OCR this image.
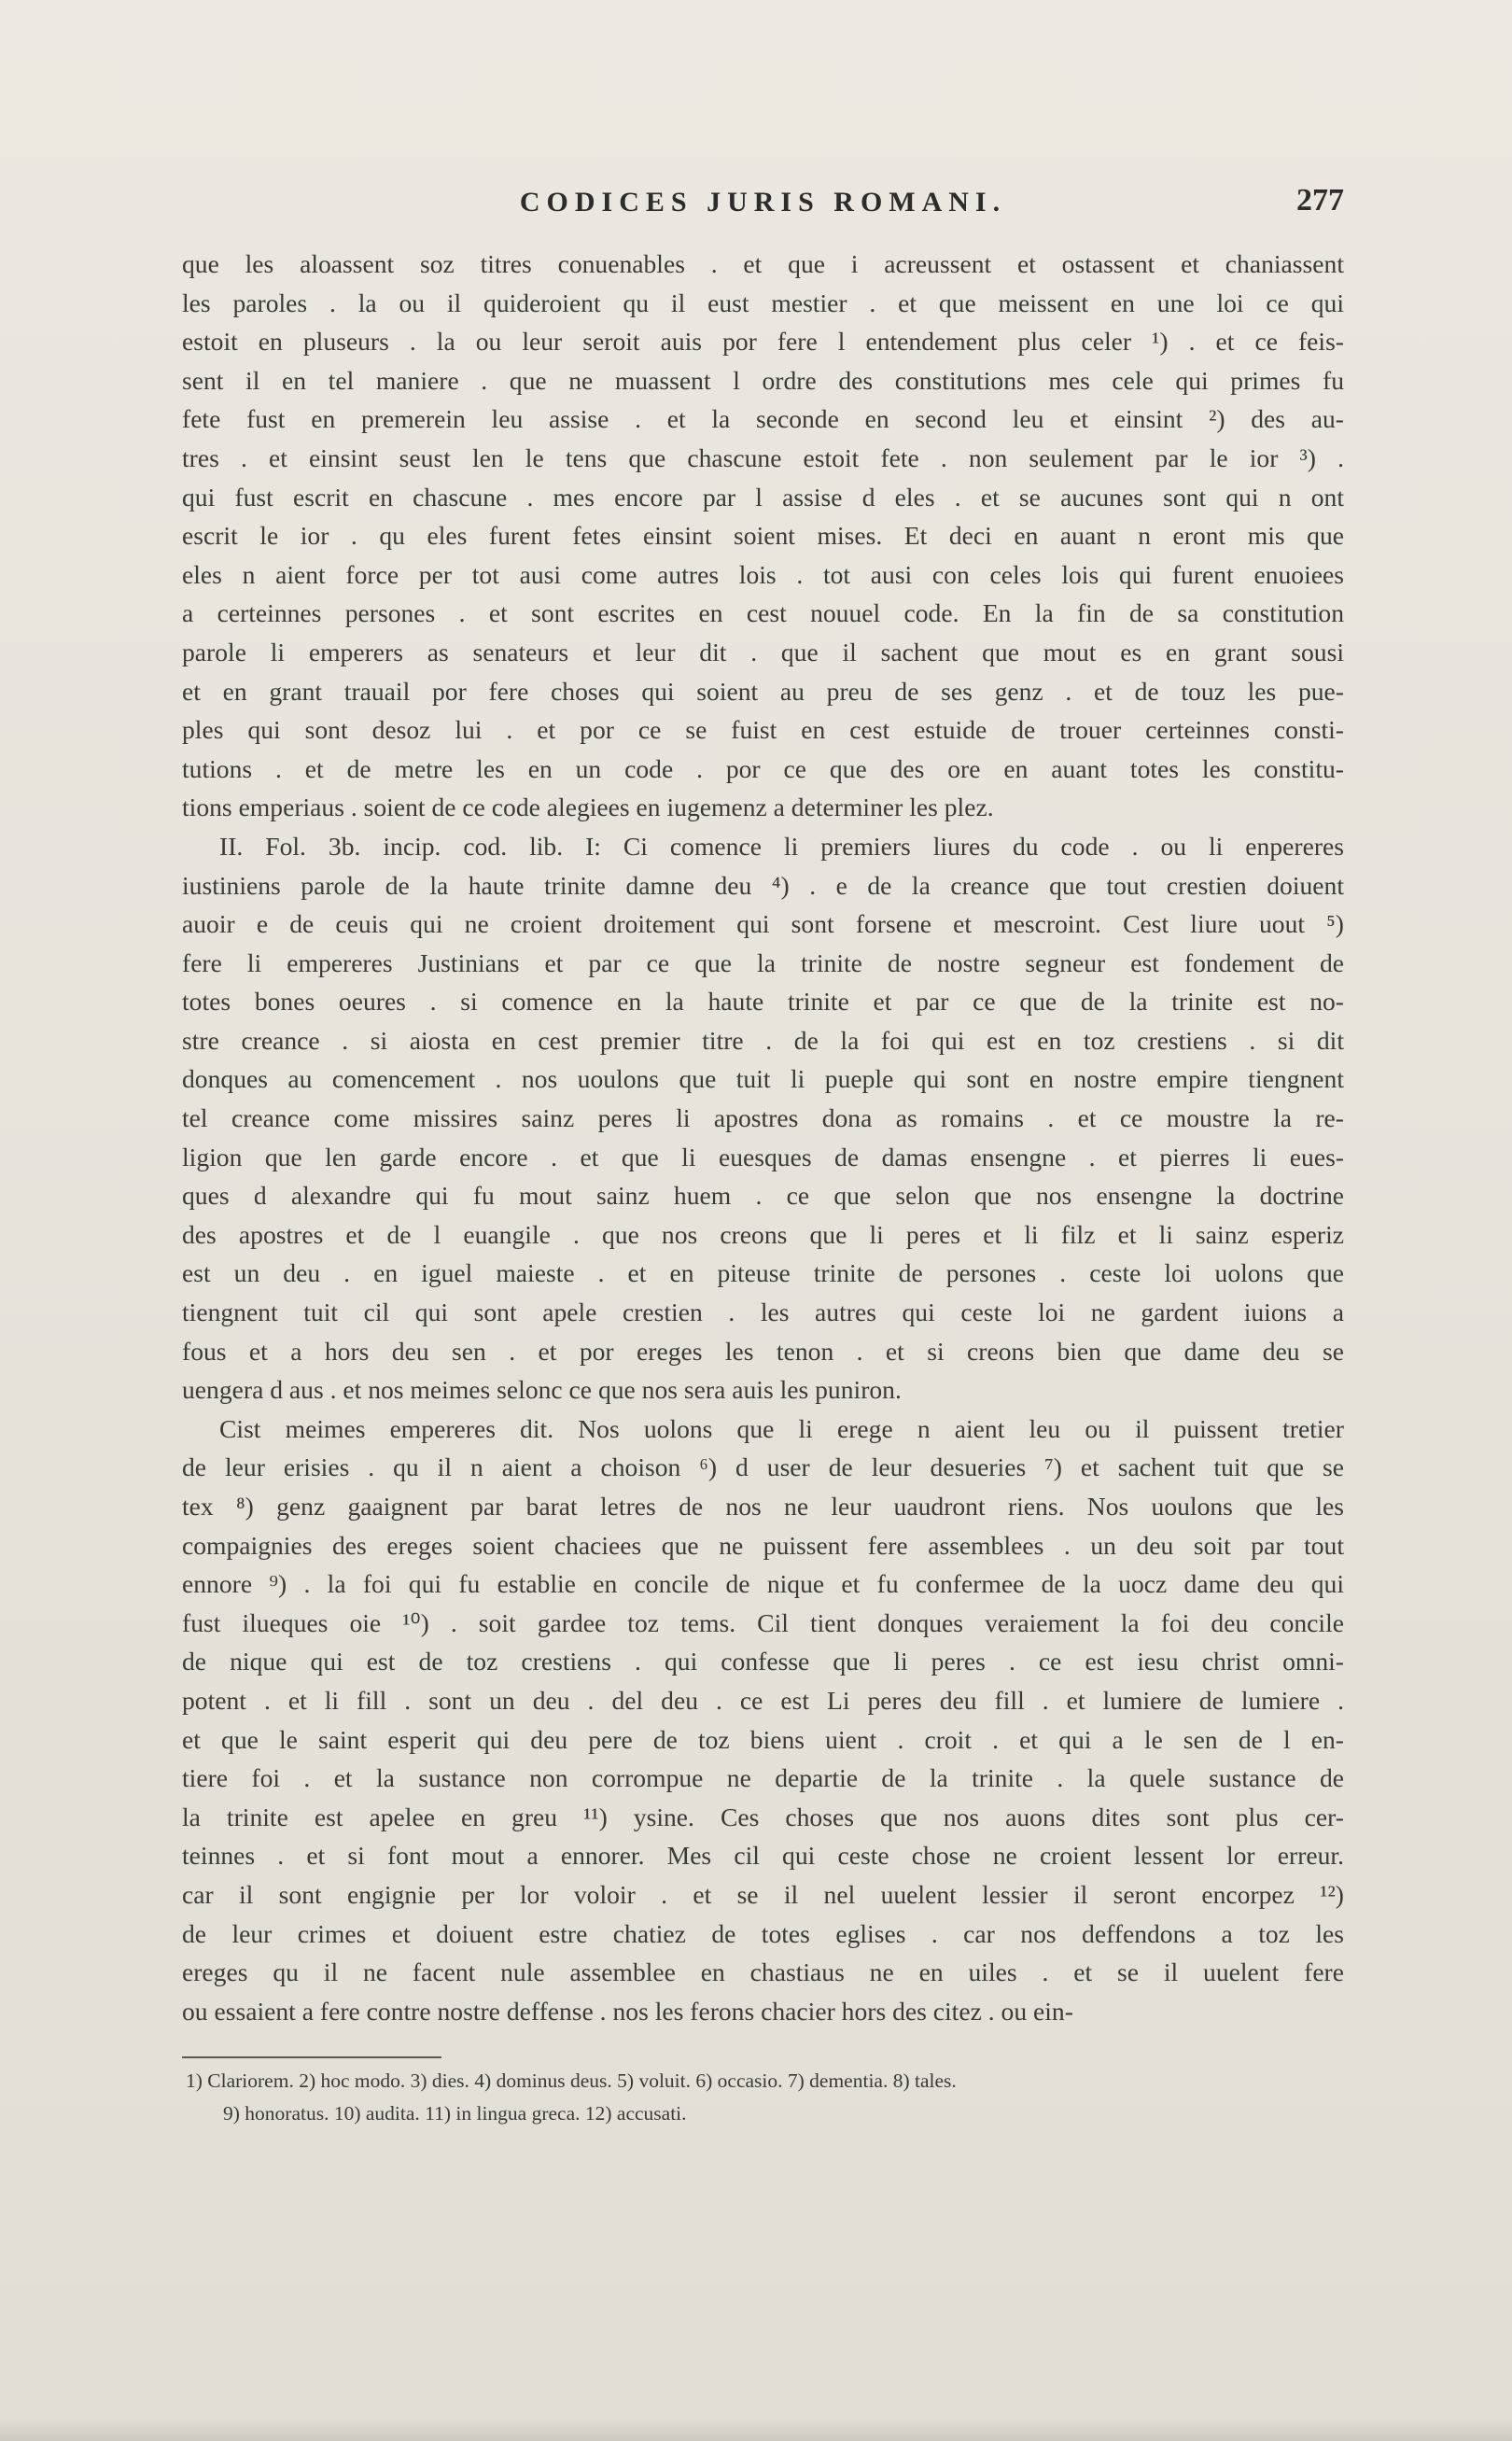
CODICES JURIS ROMANI.	277
que les aloassent soz titres conuenables . et que i acreussent et ostassent et chaniassent
les paroles . la ou il quideroient qu il eust mestier . et que meissent en une loi ce qui
estoit en pluseurs . la ou leur seroit auis por fere l entendement plus celer ¹) . et ce feis-
sent il en tel maniere . que ne muassent l ordre des constitutions mes cele qui primes fu
fete fust en premerein leu assise . et la seconde en second leu et einsint ²) des au-
tres . et einsint seust len le tens que chascune estoit fete . non seulement par le ior ³) .
qui fust escrit en chascune . mes encore par l assise d eles . et se aucunes sont qui n ont
escrit le ior . qu eles furent fetes einsint soient mises. Et deci en auant n eront mis que
eles n aient force per tot ausi come autres lois . tot ausi con celes lois qui furent enuoiees
a certeinnes persones . et sont escrites en cest nouuel code. En la fin de sa constitution
parole li emperers as senateurs et leur dit . que il sachent que mout es en grant sousi
et en grant trauail por fere choses qui soient au preu de ses genz . et de touz les pue-
ples qui sont desoz lui . et por ce se fuist en cest estuide de trouer certeinnes consti-
tutions . et de metre les en un code . por ce que des ore en auant totes les constitu-
tions emperiaus . soient de ce code alegiees en iugemenz a determiner les plez.
II. Fol. 3b. incip. cod. lib. I: Ci comence li premiers liures du code . ou li enpereres
iustiniens parole de la haute trinite damne deu ⁴) . e de la creance que tout crestien doiuent
auoir e de ceuis qui ne croient droitement qui sont forsene et mescroint. Cest liure uout ⁵)
fere li empereres Justinians et par ce que la trinite de nostre segneur est fondement de
totes bones oeures . si comence en la haute trinite et par ce que de la trinite est no-
stre creance . si aiosta en cest premier titre . de la foi qui est en toz crestiens . si dit
donques au comencement . nos uoulons que tuit li pueple qui sont en nostre empire tiengnent
tel creance come missires sainz peres li apostres dona as romains . et ce moustre la re-
ligion que len garde encore . et que li euesques de damas ensengne . et pierres li eues-
ques d alexandre qui fu mout sainz huem . ce que selon que nos ensengne la doctrine
des apostres et de l euangile . que nos creons que li peres et li filz et li sainz esperiz
est un deu . en iguel maieste . et en piteuse trinite de persones . ceste loi uolons que
tiengnent tuit cil qui sont apele crestien . les autres qui ceste loi ne gardent iuions a
fous et a hors deu sen . et por ereges les tenon . et si creons bien que dame deu se
uengera d aus . et nos meimes selonc ce que nos sera auis les puniron.
Cist meimes empereres dit. Nos uolons que li erege n aient leu ou il puissent tretier
de leur erisies . qu il n aient a choison ⁶) d user de leur desueries ⁷) et sachent tuit que se
tex ⁸) genz gaaignent par barat letres de nos ne leur uaudront riens. Nos uoulons que les
compaignies des ereges soient chaciees que ne puissent fere assemblees . un deu soit par tout
ennore ⁹) . la foi qui fu establie en concile de nique et fu confermee de la uocz dame deu qui
fust ilueques oie ¹⁰) . soit gardee toz tems. Cil tient donques veraiement la foi deu concile
de nique qui est de toz crestiens . qui confesse que li peres . ce est iesu christ omni-
potent . et li fill . sont un deu . del deu . ce est Li peres deu fill . et lumiere de lumiere .
et que le saint esperit qui deu pere de toz biens uient . croit . et qui a le sen de l en-
tiere foi . et la sustance non corrompue ne departie de la trinite . la quele sustance de
la trinite est apelee en greu ¹¹) ysine. Ces choses que nos auons dites sont plus cer-
teinnes . et si font mout a ennorer. Mes cil qui ceste chose ne croient lessent lor erreur.
car il sont engignie per lor voloir . et se il nel uuelent lessier il seront encorpez ¹²)
de leur crimes et doiuent estre chatiez de totes eglises . car nos deffendons a toz les
ereges qu il ne facent nule assemblee en chastiaus ne en uiles . et se il uuelent fere
ou essaient a fere contre nostre deffense . nos les ferons chacier hors des citez . ou ein-
1) Clariorem. 2) hoc modo. 3) dies. 4) dominus deus. 5) voluit. 6) occasio. 7) dementia. 8) tales.
9) honoratus. 10) audita. 11) in lingua greca. 12) accusati.
